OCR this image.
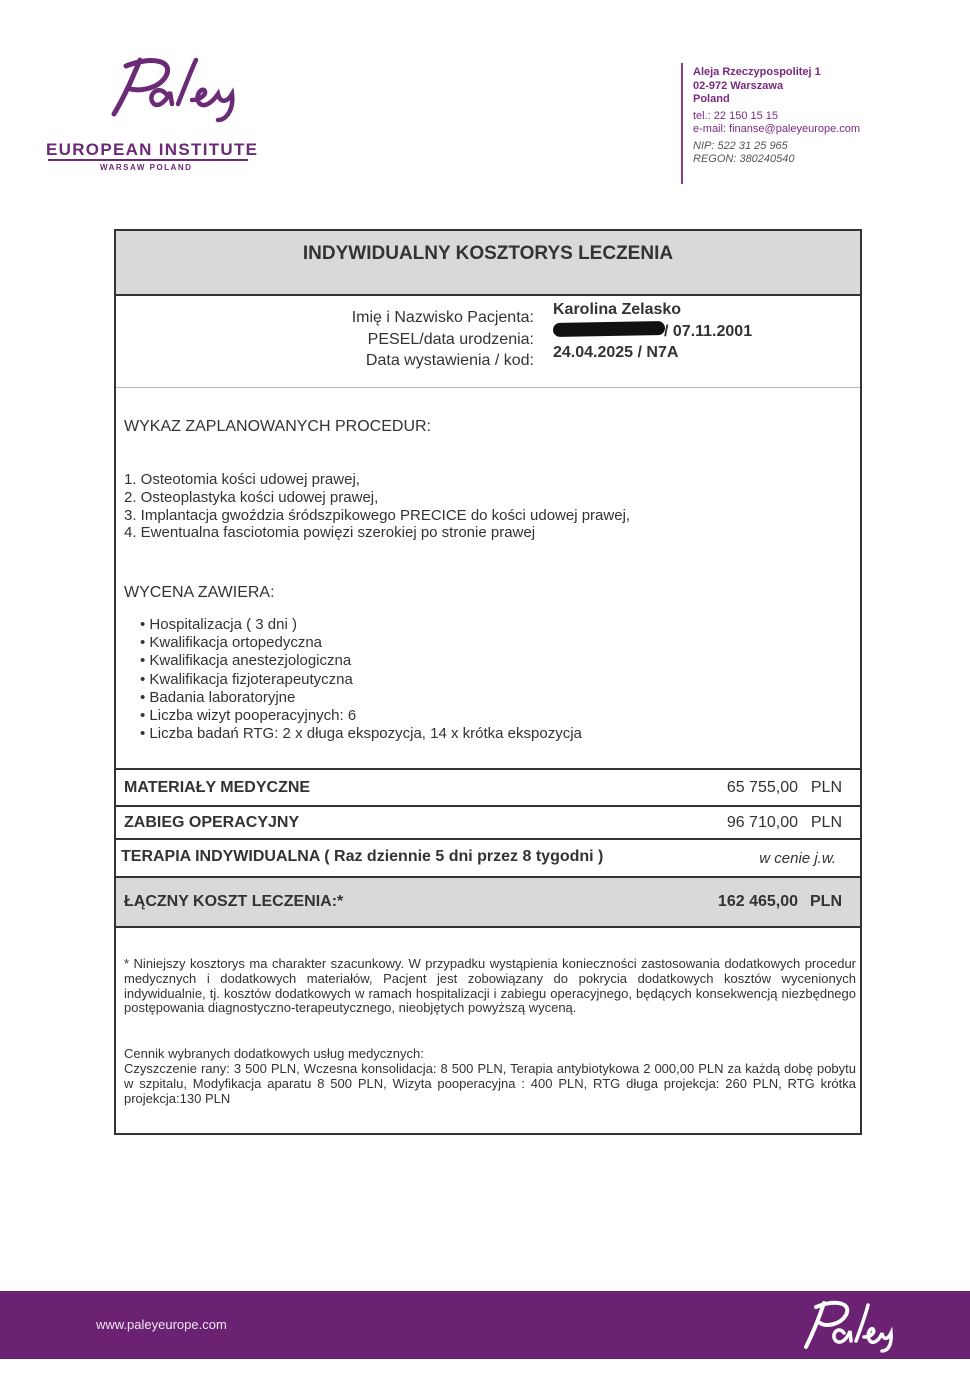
EUROPEAN INSTITUTE
WARSAW POLAND
Aleja Rzeczypospolitej 1
02-972 Warszawa
Poland
tel.: 22 150 15 15
e-mail: finanse@paleyeurope.com
NIP: 522 31 25 965
REGON: 380240540
INDYWIDUALNY KOSZTORYS LECZENIA
Imię i Nazwisko Pacjenta: Karolina Zelasko
PESEL/data urodzenia:	/ 07.11.2001
Data wystawienia / kod: 24.04.2025 / N7A
WYKAZ ZAPLANOWANYCH PROCEDUR:
1. Osteotomia kości udowej prawej,
2. Osteoplastyka kości udowej prawej,
3. Implantacja gwoździa śródszpikowego PRECICE do kości udowej prawej,
4. Ewentualna fasciotomia powięzi szerokiej po stronie prawej
WYCENA ZAWIERA:
• Hospitalizacja ( 3 dni )
• Kwalifikacja ortopedyczna
• Kwalifikacja anestezjologiczna
• Kwalifikacja fizjoterapeutyczna
• Badania laboratoryjne
• Liczba wizyt pooperacyjnych: 6
• Liczba badań RTG: 2 x długa ekspozycja, 14 x krótka ekspozycja
MATERIAŁY MEDYCZNE	65 755,00 PLN
ZABIEG OPERACYJNY	96 710,00 PLN
TERAPIA INDYWIDUALNA ( Raz dziennie 5 dni przez 8 tygodni )	w cenie j.w.
ŁĄCZNY KOSZT LECZENIA:*	162 465,00 PLN
* Niniejszy kosztorys ma charakter szacunkowy. W przypadku wystąpienia konieczności zastosowania dodatkowych procedur medycznych i dodatkowych materiałów, Pacjent jest zobowiązany do pokrycia dodatkowych kosztów wycenionych indywidualnie, tj. kosztów dodatkowych w ramach hospitalizacji i zabiegu operacyjnego, będących konsekwencją niezbędnego postępowania diagnostyczno-terapeutycznego, nieobjętych powyższą wyceną.
Cennik wybranych dodatkowych usług medycznych:
Czyszczenie rany: 3 500 PLN, Wczesna konsolidacja: 8 500 PLN, Terapia antybiotykowa 2 000,00 PLN za każdą dobę pobytu w szpitalu, Modyfikacja aparatu 8 500 PLN, Wizyta pooperacyjna : 400 PLN, RTG długa projekcja: 260 PLN, RTG krótka projekcja:130 PLN
www.paleyeurope.com
